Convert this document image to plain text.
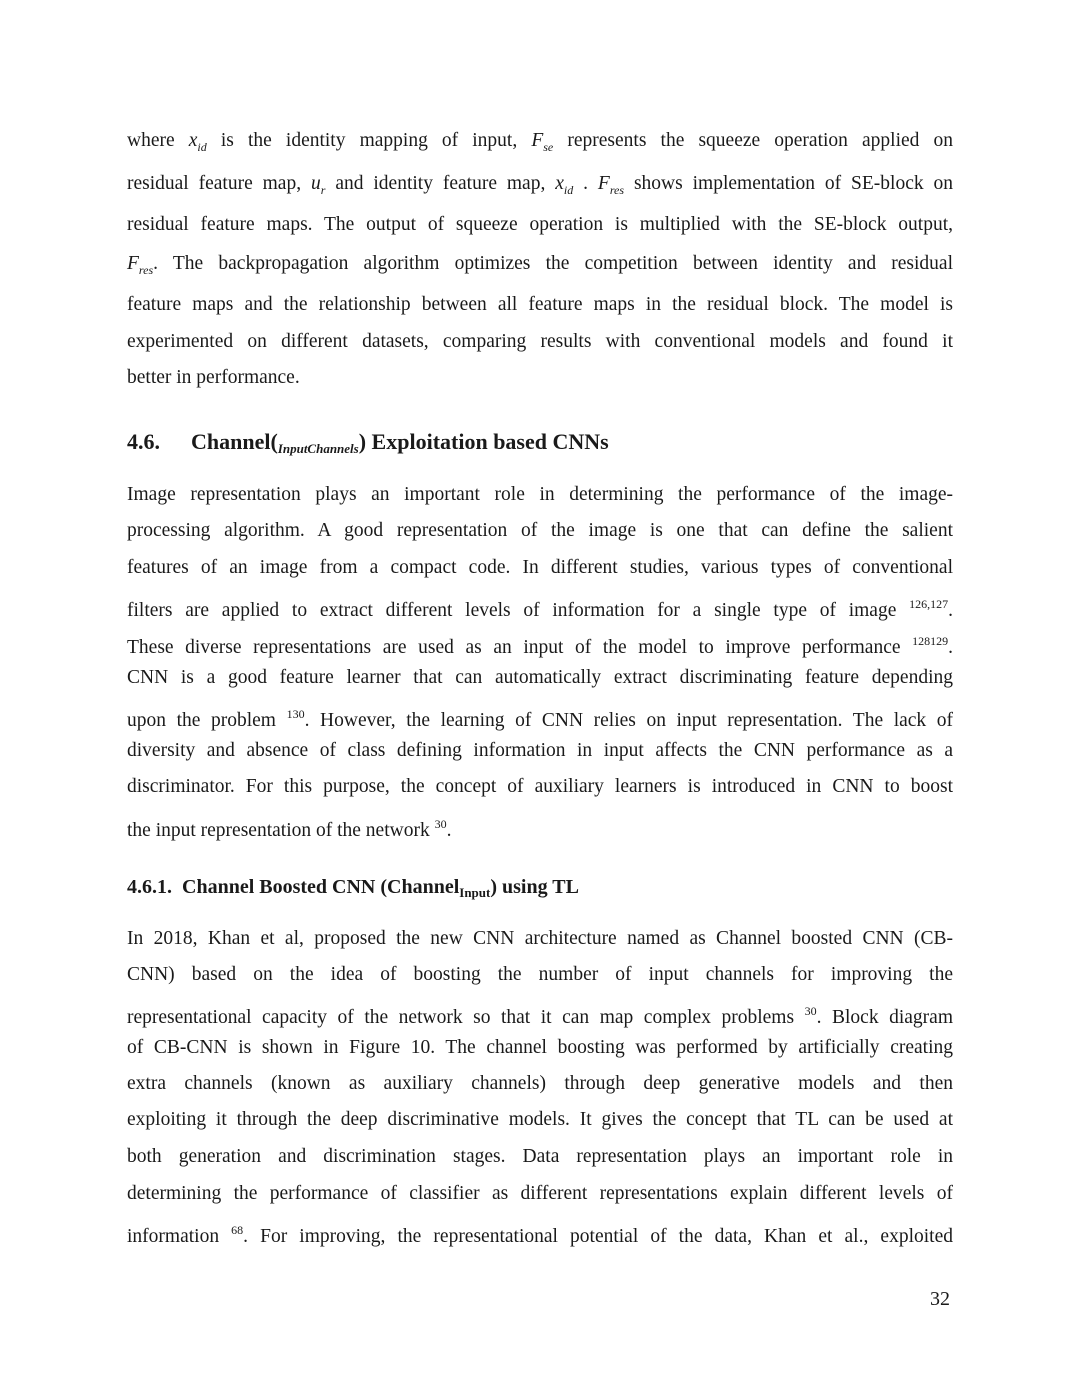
where $x_{id}$ is the identity mapping of input, $F_{se}$ represents the squeeze operation applied on
residual feature map, $u_r$ and identity feature map, $x_{id}$ . $F_{res}$ shows implementation of SE-block on
residual feature maps. The output of squeeze operation is multiplied with the SE-block output,
$F_{res}$. The backpropagation algorithm optimizes the competition between identity and residual
feature maps and the relationship between all feature maps in the residual block. The model is
experimented on different datasets, comparing results with conventional models and found it
better in performance.
4.6. Channel(InputChannels) Exploitation based CNNs
Image representation plays an important role in determining the performance of the image-
processing algorithm. A good representation of the image is one that can define the salient
features of an image from a compact code. In different studies, various types of conventional
filters are applied to extract different levels of information for a single type of image $^{126,127}$.
These diverse representations are used as an input of the model to improve performance $^{128129}$.
CNN is a good feature learner that can automatically extract discriminating feature depending
upon the problem $^{130}$. However, the learning of CNN relies on input representation. The lack of
diversity and absence of class defining information in input affects the CNN performance as a
discriminator. For this purpose, the concept of auxiliary learners is introduced in CNN to boost
the input representation of the network $^{30}$.
4.6.1. Channel Boosted CNN (Channel$_{Input}$) using TL
In 2018, Khan et al, proposed the new CNN architecture named as Channel boosted CNN (CB-
CNN) based on the idea of boosting the number of input channels for improving the
representational capacity of the network so that it can map complex problems $^{30}$. Block diagram
of CB-CNN is shown in Figure 10. The channel boosting was performed by artificially creating
extra channels (known as auxiliary channels) through deep generative models and then
exploiting it through the deep discriminative models. It gives the concept that TL can be used at
both generation and discrimination stages. Data representation plays an important role in
determining the performance of classifier as different representations explain different levels of
information $^{68}$. For improving, the representational potential of the data, Khan et al., exploited
32
